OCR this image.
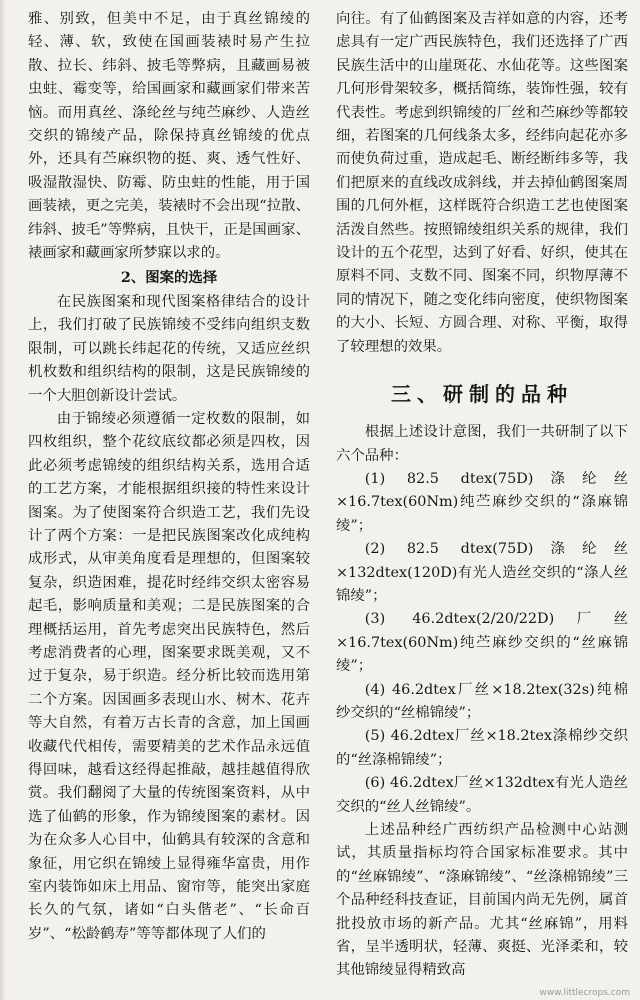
雅、别致，但美中不足，由于真丝锦绫的轻、薄、软，致使在国画装裱时易产生拉散、拉长、纬斜、披毛等弊病，且藏画易被虫蛀、霉变等，给国画家和藏画家们带来苦恼。而用真丝、涤纶丝与纯苎麻纱、人造丝交织的锦绫产品，除保持真丝锦绫的优点外，还具有苎麻织物的挺、爽、透气性好、吸湿散湿快、防霉、防虫蛀的性能，用于国画装裱，更之完美，装裱时不会出现“拉散、纬斜、披毛”等弊病，且快干，正是国画家、裱画家和藏画家所梦寐以求的。

2、图案的选择

在民族图案和现代图案格律结合的设计上，我们打破了民族锦绫不受纬向组织支数限制，可以跳长纬起花的传统，又适应丝织机枚数和组织结构的限制，这是民族锦绫的一个大胆创新设计尝试。

由于锦绫必须遵循一定枚数的限制，如四枚组织，整个花纹底纹都必须是四枚，因此必须考虑锦绫的组织结构关系，选用合适的工艺方案，才能根据组织接的特性来设计图案。为了使图案符合织造工艺，我们先设计了两个方案：一是把民族图案改化成纯构成形式，从审美角度看是理想的，但图案较复杂，织造困难，提花时经纬交织太密容易起毛，影响质量和美观；二是民族图案的合理概括运用，首先考虑突出民族特色，然后考虑消费者的心理，图案要求既美观，又不过于复杂，易于织造。经分析比较而选用第二个方案。因国画多表现山水、树木、花卉等大自然，有着万古长青的含意，加上国画收藏代代相传，需要精美的艺术作品永远值得回味，越看这经得起推敲，越挂越值得欣赏。我们翻阅了大量的传统图案资料，从中选了仙鹤的形象，作为锦绫图案的素材。因为在众多人心目中，仙鹤具有较深的含意和象征，用它织在锦绫上显得雍华富贵，用作室内装饰如床上用品、窗帘等，能突出家庭长久的气氛，诸如“白头偕老”、“长命百岁”、“松龄鹤寿”等等都体现了人们的

向往。有了仙鹤图案及吉祥如意的内容，还考虑具有一定广西民族特色，我们还选择了广西民族生活中的山崖斑花、水仙花等。这些图案几何形骨架较多，概括简练，装饰性强，较有代表性。考虑到织锦绫的厂丝和苎麻纱等都较细，若图案的几何线条太多，经纬向起花亦多而使负荷过重，造成起毛、断经断纬多等，我们把原来的直线改成斜线，并去掉仙鹤图案周围的几何外框，这样既符合织造工艺也使图案活泼自然些。按照锦绫组织关系的规律，我们设计的五个花型，达到了好看、好织，使其在原料不同、支数不同、图案不同，织物厚薄不同的情况下，随之变化纬向密度，使织物图案的大小、长短、方圆合理、对称、平衡，取得了较理想的效果。

三、研制的品种

根据上述设计意图，我们一共研制了以下六个品种：

(1) 82.5 dtex(75D)涤纶丝×16.7tex(60Nm)纯苎麻纱交织的“涤麻锦绫”；

(2) 82.5 dtex(75D)涤纶丝×132dtex(120D)有光人造丝交织的“涤人丝锦绫”；

(3) 46.2dtex(2/20/22D)厂丝×16.7tex(60Nm)纯苎麻纱交织的“丝麻锦绫”；

(4) 46.2dtex厂丝×18.2tex(32s)纯棉纱交织的“丝棉锦绫”；

(5) 46.2dtex厂丝×18.2tex涤棉纱交织的“丝涤棉锦绫”；

(6) 46.2dtex厂丝×132dtex有光人造丝交织的“丝人丝锦绫”。

上述品种经广西纺织产品检测中心站测试，其质量指标均符合国家标准要求。其中的“丝麻锦绫”、“涤麻锦绫”、“丝涤棉锦绫”三个品种经科技查证，目前国内尚无先例，属首批投放市场的新产品。尤其“丝麻锦”，用料省，呈半透明状，轻薄、爽挺、光泽柔和，较其他锦绫显得精致高

www.littlecrops.com
